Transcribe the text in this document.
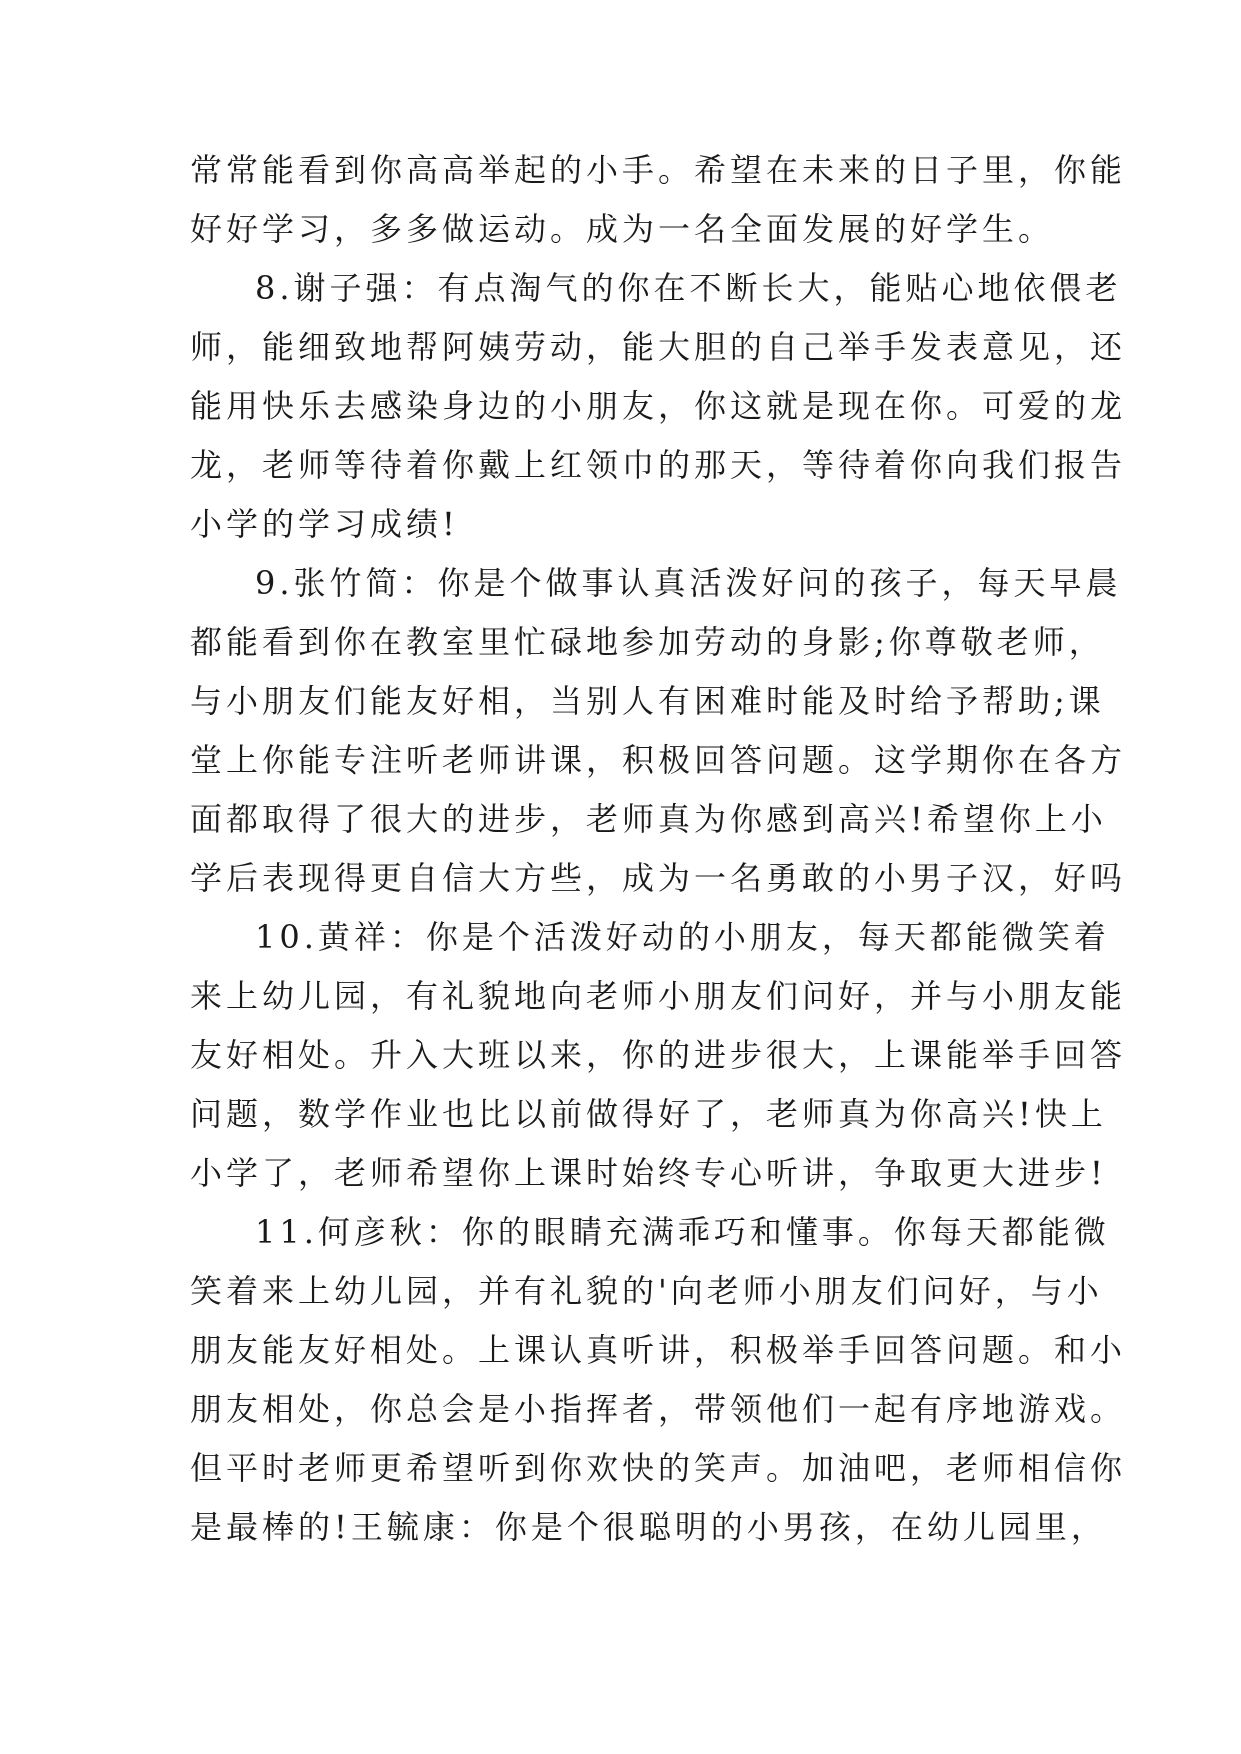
常常能看到你高高举起的小手。希望在未来的日子里，你能
好好学习，多多做运动。成为一名全面发展的好学生。
8.谢子强：有点淘气的你在不断长大，能贴心地依偎老
师，能细致地帮阿姨劳动，能大胆的自己举手发表意见，还
能用快乐去感染身边的小朋友，你这就是现在你。可爱的龙
龙，老师等待着你戴上红领巾的那天，等待着你向我们报告
小学的学习成绩!
9.张竹简：你是个做事认真活泼好问的孩子，每天早晨
都能看到你在教室里忙碌地参加劳动的身影;你尊敬老师，
与小朋友们能友好相，当别人有困难时能及时给予帮助;课
堂上你能专注听老师讲课，积极回答问题。这学期你在各方
面都取得了很大的进步，老师真为你感到高兴!希望你上小
学后表现得更自信大方些，成为一名勇敢的小男子汉，好吗
10.黄祥：你是个活泼好动的小朋友，每天都能微笑着
来上幼儿园，有礼貌地向老师小朋友们问好，并与小朋友能
友好相处。升入大班以来，你的进步很大，上课能举手回答
问题，数学作业也比以前做得好了，老师真为你高兴!快上
小学了，老师希望你上课时始终专心听讲，争取更大进步!
11.何彦秋：你的眼睛充满乖巧和懂事。你每天都能微
笑着来上幼儿园，并有礼貌的'向老师小朋友们问好，与小
朋友能友好相处。上课认真听讲，积极举手回答问题。和小
朋友相处，你总会是小指挥者，带领他们一起有序地游戏。
但平时老师更希望听到你欢快的笑声。加油吧，老师相信你
是最棒的!王毓康：你是个很聪明的小男孩，在幼儿园里，
